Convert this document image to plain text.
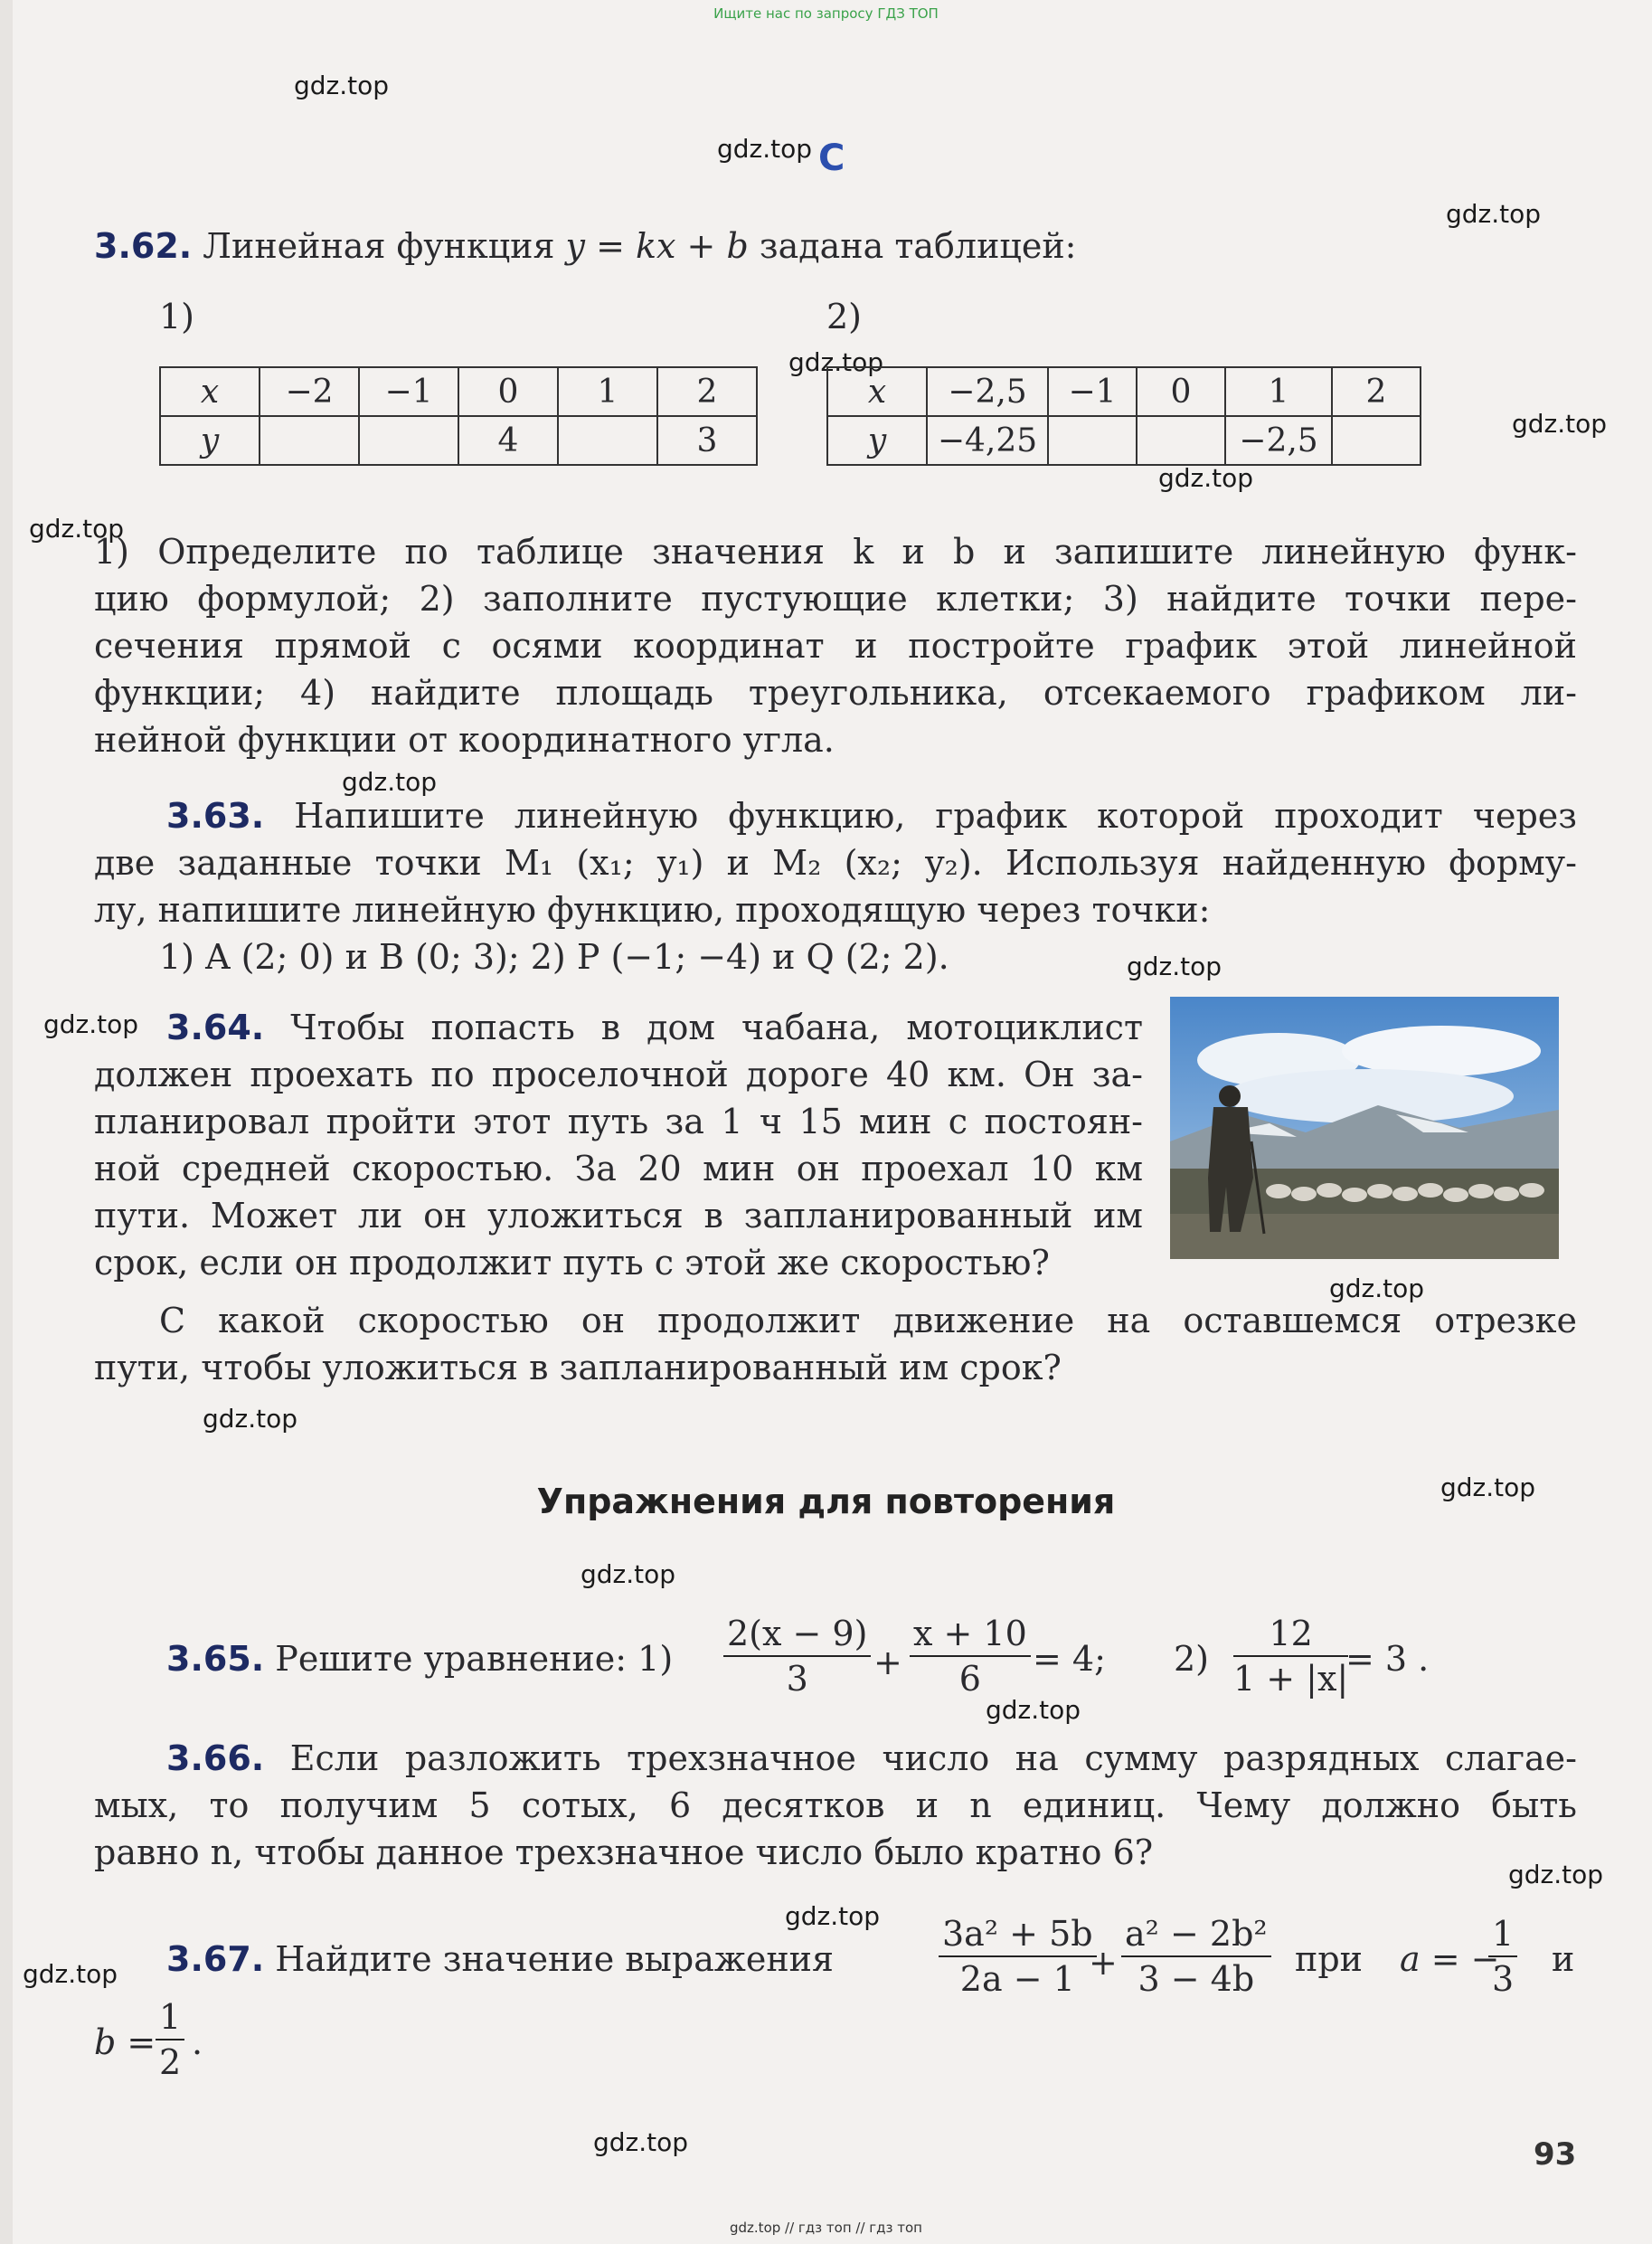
Ищите нас по запросу ГДЗ ТОП
gdz.top
gdz.top
gdz.top
gdz.top
gdz.top
gdz.top
gdz.top
gdz.top
gdz.top
gdz.top
gdz.top
gdz.top
gdz.top
gdz.top
gdz.top
gdz.top
gdz.top
gdz.top
gdz.top
C
3.62. Линейная функция y = kx + b задана таблицей:
1)	2)
x	−2	−1	0	1	2
y			4		3
x	−2,5	−1	0	1	2
y	−4,25			−2,5	
1) Определите по таблице значения k и b и запишите линейную функ-
цию формулой; 2) заполните пустующие клетки; 3) найдите точки пере-
сечения прямой с осями координат и постройте график этой линейной
функции; 4) найдите площадь треугольника, отсекаемого графиком ли-
нейной функции от координатного угла.
3.63. Напишите линейную функцию, график которой проходит через
две заданные точки M₁ (x₁; y₁) и M₂ (x₂; y₂). Используя найденную форму-
лу, напишите линейную функцию, проходящую через точки:
1) A (2; 0) и B (0; 3); 2) P (−1; −4) и Q (2; 2).
3.64. Чтобы попасть в дом чабана, мотоциклист
должен проехать по проселочной дороге 40 км. Он за-
планировал пройти этот путь за 1 ч 15 мин с постоян-
ной средней скоростью. За 20 мин он проехал 10 км
пути. Может ли он уложиться в запланированный им
срок, если он продолжит путь с этой же скоростью?
С какой скоростью он продолжит движение на оставшемся отрезке
пути, чтобы уложиться в запланированный им срок?
Упражнения для повторения
3.65. Решите уравнение: $1) \frac{2(x - 9)}{3} + \frac{x + 10}{6} = 4$; $2) \frac{12}{1 + |x|}$
= 3 .
3.66. Если разложить трехзначное число на сумму разрядных слагае-
мых, то получим 5 сотых, 6 десятков и n единиц. Чему должно быть
равно n, чтобы данное трехзначное число было кратно 6?
3.67. Найдите значение выражения	$\frac{\text{3a² + 5b}}{2a - 1}$
+ $\frac{\text{a² − 2b²}}{3 - 4b}$ при a = −
$\frac{1}{3}$ и
$b = \frac{1}{2}$ .
93
gdz.top // гдз топ // гдз топ
